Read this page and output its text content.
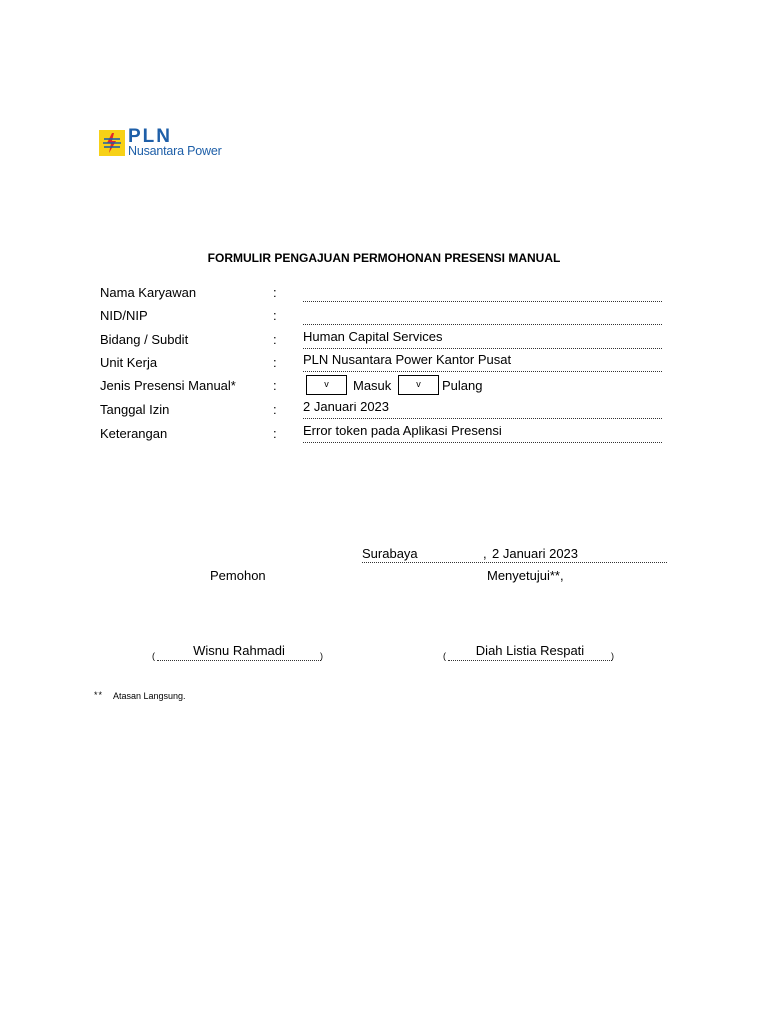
PLN
Nusantara Power
FORMULIR PENGAJUAN PERMOHONAN PRESENSI MANUAL
Nama Karyawan	:
NID/NIP	:
Bidang / Subdit	: Human Capital Services
Unit Kerja	: PLN Nusantara Power Kantor Pusat
Jenis Presensi Manual*	:	v	Masuk	v	Pulang
Tanggal Izin	: 2 Januari 2023
Keterangan	: Error token pada Aplikasi Presensi
Surabaya	, 2 Januari 2023
Pemohon	Menyetujui**,
(	Wisnu Rahmadi	)	(	Diah Listia Respati	)
** Atasan Langsung.
